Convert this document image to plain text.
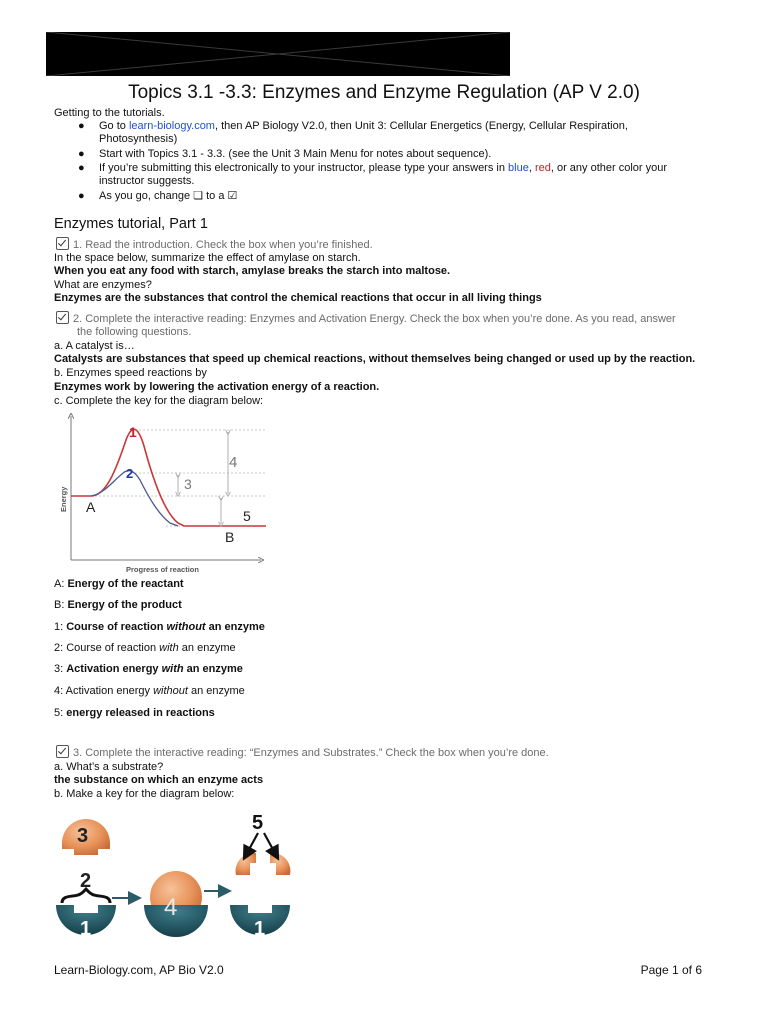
Topics 3.1 -3.3: Enzymes and Enzyme Regulation (AP V 2.0)
Getting to the tutorials.
● Go to learn-biology.com, then AP Biology V2.0, then Unit 3: Cellular Energetics (Energy, Cellular Respiration,
Photosynthesis)
● Start with Topics 3.1 - 3.3. (see the Unit 3 Main Menu for notes about sequence).
● If you’re submitting this electronically to your instructor, please type your answers in blue, red, or any other color your
instructor suggests.
● As you go, change ❏ to a ☑
Enzymes tutorial, Part 1
1. Read the introduction. Check the box when you’re finished.
In the space below, summarize the effect of amylase on starch.
When you eat any food with starch, amylase breaks the starch into maltose.
What are enzymes?
Enzymes are the substances that control the chemical reactions that occur in all living things
2. Complete the interactive reading: Enzymes and Activation Energy. Check the box when you’re done. As you read, answer
the following questions.
a. A catalyst is…
Catalysts are substances that speed up chemical reactions, without themselves being changed or used up by the reaction.
b. Enzymes speed reactions by
Enzymes work by lowering the activation energy of a reaction.
c. Complete the key for the diagram below:
1
2
3
4
5
A
B
Progress of reaction
Energy
A: Energy of the reactant
B: Energy of the product
1: Course of reaction without an enzyme
2: Course of reaction with an enzyme
3: Activation energy with an enzyme
4: Activation energy without an enzyme
5: energy released in reactions
3. Complete the interactive reading: “Enzymes and Substrates.” Check the box when you’re done.
a. What’s a substrate?
the substance on which an enzyme acts
b. Make a key for the diagram below:
3
2
1
4
5
1
Learn-Biology.com, AP Bio V2.0	Page 1 of 6
